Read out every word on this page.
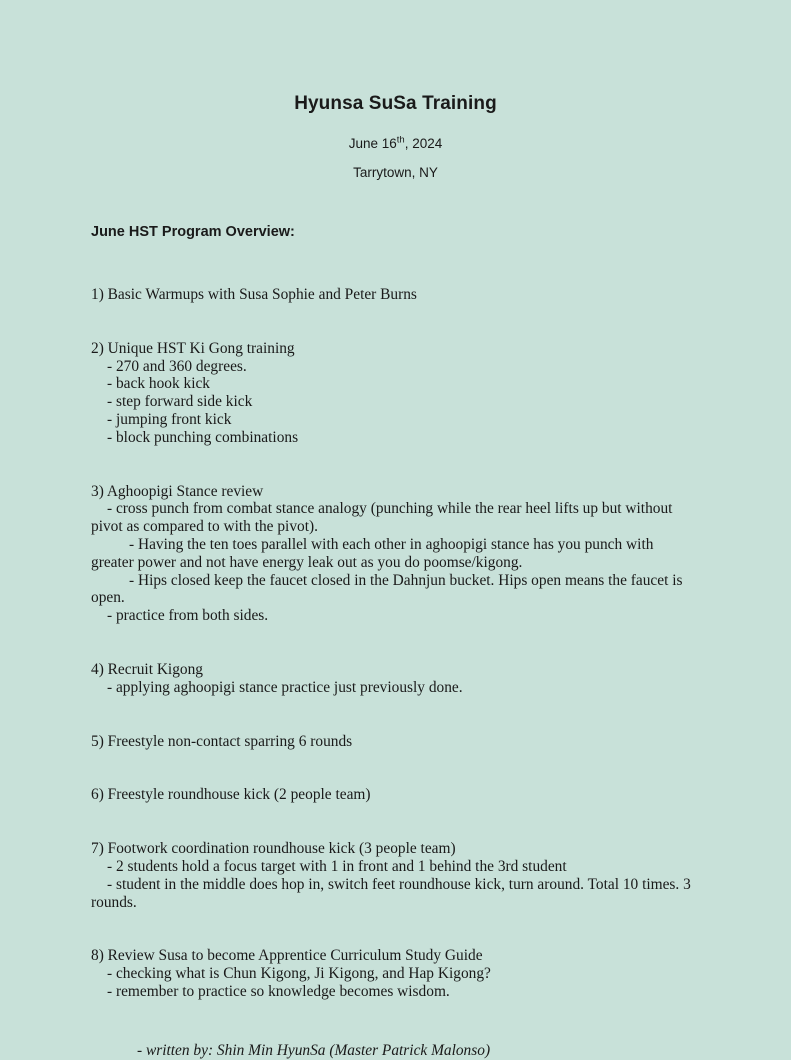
Hyunsa SuSa Training

June 16th, 2024

Tarrytown, NY

June HST Program Overview:

1) Basic Warmups with Susa Sophie and Peter Burns

2) Unique HST Ki Gong training

- 270 and 360 degrees.

- back hook kick

- step forward side kick

- jumping front kick

- block punching combinations

3) Aghoopigi Stance review

- cross punch from combat stance analogy (punching while the rear heel lifts up but without pivot as compared to with the pivot).

- Having the ten toes parallel with each other in aghoopigi stance has you punch with greater power and not have energy leak out as you do poomse/kigong.

- Hips closed keep the faucet closed in the Dahnjun bucket. Hips open means the faucet is open.

- practice from both sides.

4) Recruit Kigong

- applying aghoopigi stance practice just previously done.

5) Freestyle non-contact sparring 6 rounds

6) Freestyle roundhouse kick (2 people team)

7) Footwork coordination roundhouse kick (3 people team)

- 2 students hold a focus target with 1 in front and 1 behind the 3rd student

- student in the middle does hop in, switch feet roundhouse kick, turn around. Total 10 times. 3 rounds.

8) Review Susa to become Apprentice Curriculum Study Guide

- checking what is Chun Kigong, Ji Kigong, and Hap Kigong?

- remember to practice so knowledge becomes wisdom.

- written by: Shin Min HyunSa (Master Patrick Malonso)
